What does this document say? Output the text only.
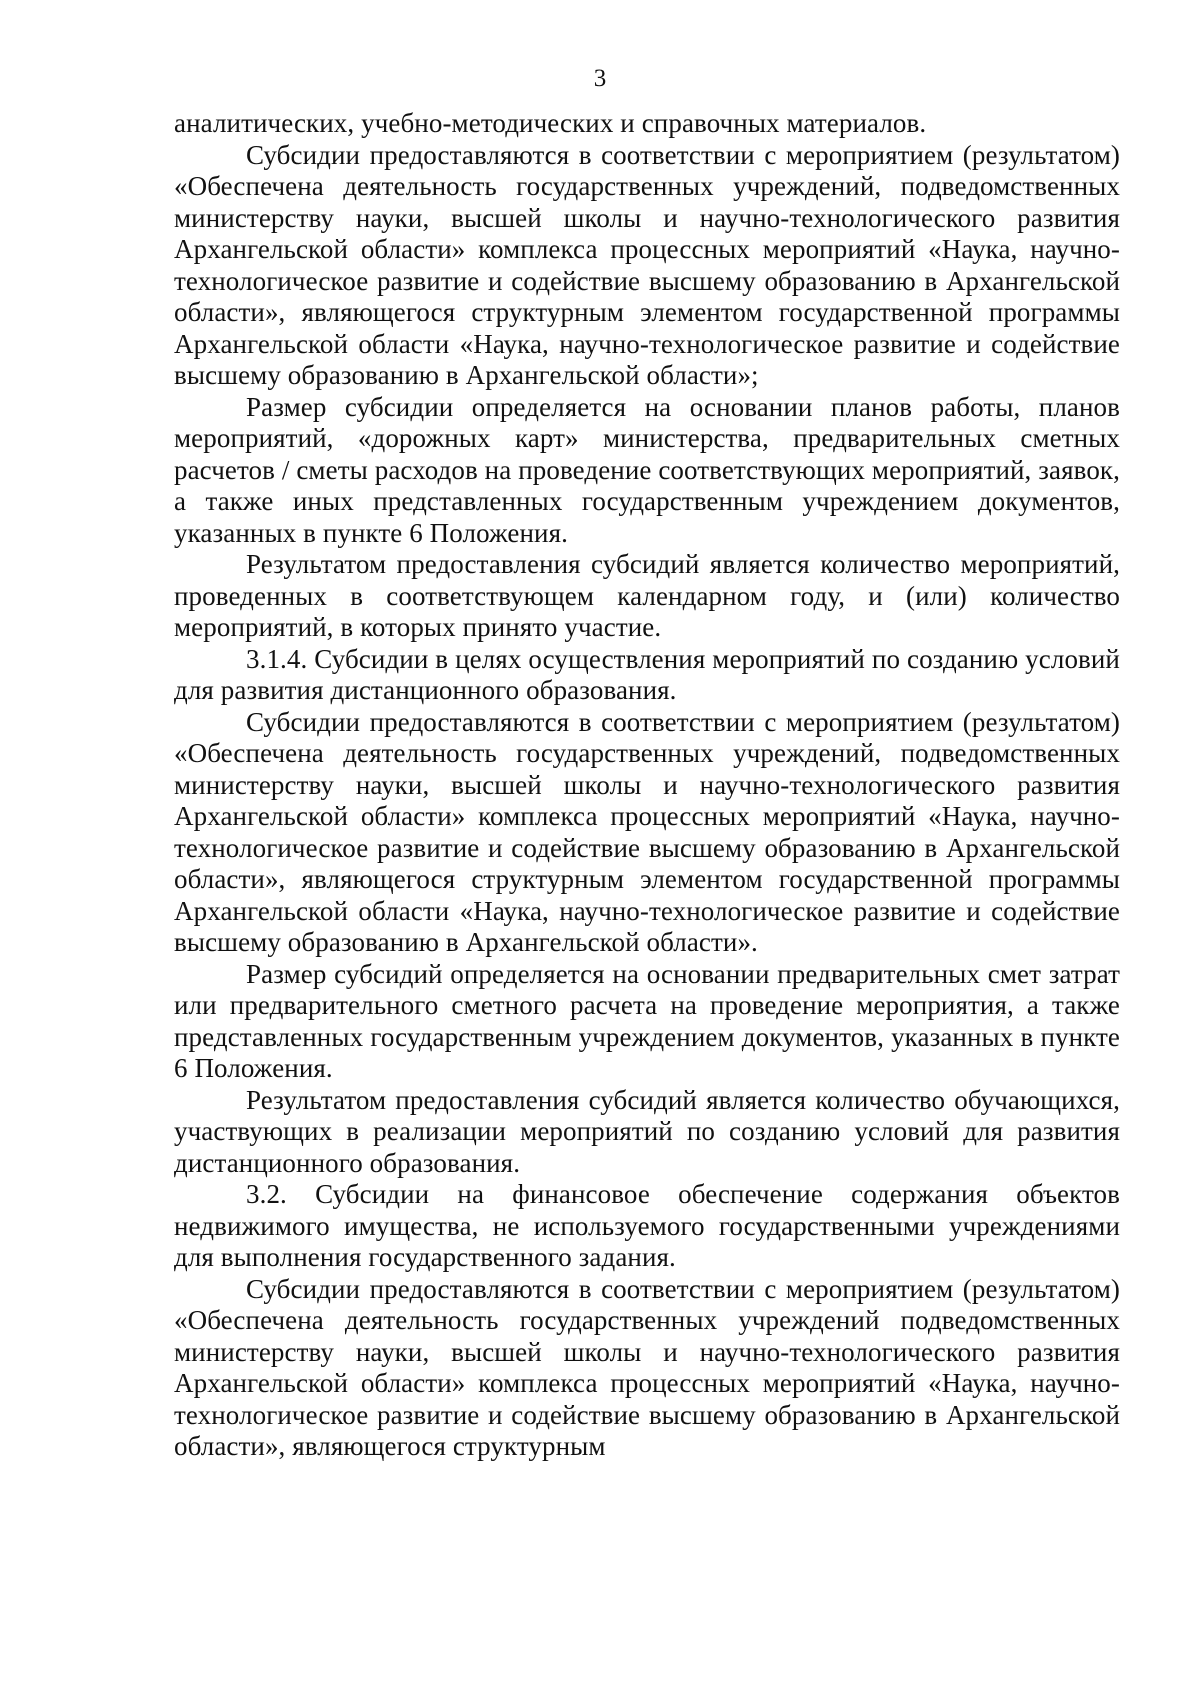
3

аналитических, учебно-методических и справочных материалов.

Субсидии предоставляются в соответствии с мероприятием (результатом) «Обеспечена деятельность государственных учреждений, подведомственных министерству науки, высшей школы и научно-технологического развития Архангельской области» комплекса процессных мероприятий «Наука, научно-технологическое развитие и содействие высшему образованию в Архангельской области», являющегося структурным элементом государственной программы Архангельской области «Наука, научно-технологическое развитие и содействие высшему образованию в Архангельской области»;

Размер субсидии определяется на основании планов работы, планов мероприятий, «дорожных карт» министерства, предварительных сметных расчетов / сметы расходов на проведение соответствующих мероприятий, заявок, а также иных представленных государственным учреждением документов, указанных в пункте 6 Положения.

Результатом предоставления субсидий является количество мероприятий, проведенных в соответствующем календарном году, и (или) количество мероприятий, в которых принято участие.

3.1.4. Субсидии в целях осуществления мероприятий по созданию условий для развития дистанционного образования.

Субсидии предоставляются в соответствии с мероприятием (результатом) «Обеспечена деятельность государственных учреждений, подведомственных министерству науки, высшей школы и научно-технологического развития Архангельской области» комплекса процессных мероприятий «Наука, научно-технологическое развитие и содействие высшему образованию в Архангельской области», являющегося структурным элементом государственной программы Архангельской области «Наука, научно-технологическое развитие и содействие высшему образованию в Архангельской области».

Размер субсидий определяется на основании предварительных смет затрат или предварительного сметного расчета на проведение мероприятия, а также представленных государственным учреждением документов, указанных в пункте 6 Положения.

Результатом предоставления субсидий является количество обучающихся, участвующих в реализации мероприятий по созданию условий для развития дистанционного образования.

3.2. Субсидии на финансовое обеспечение содержания объектов недвижимого имущества, не используемого государственными учреждениями для выполнения государственного задания.

Субсидии предоставляются в соответствии с мероприятием (результатом) «Обеспечена деятельность государственных учреждений подведомственных министерству науки, высшей школы и научно-технологического развития Архангельской области» комплекса процессных мероприятий «Наука, научно-технологическое развитие и содействие высшему образованию в Архангельской области», являющегося структурным
